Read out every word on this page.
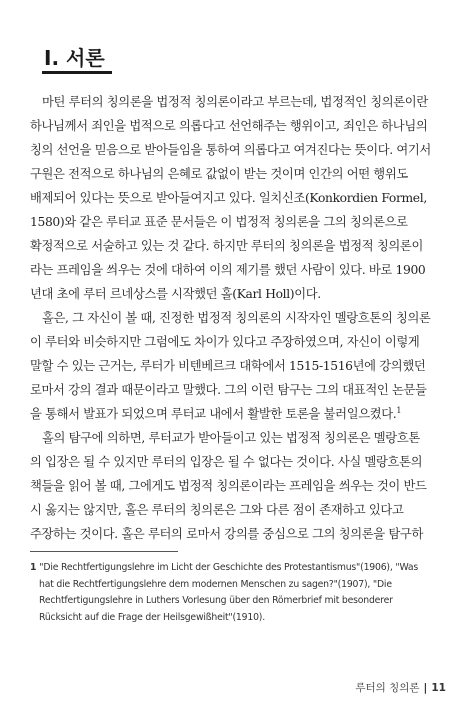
I. 서론
마틴 루터의 칭의론을 법정적 칭의론이라고 부르는데, 법정적인 칭의론이란
하나님께서 죄인을 법적으로 의롭다고 선언해주는 행위이고, 죄인은 하나님의
칭의 선언을 믿음으로 받아들임을 통하여 의롭다고 여겨진다는 뜻이다. 여기서
구원은 전적으로 하나님의 은혜로 값없이 받는 것이며 인간의 어떤 행위도
배제되어 있다는 뜻으로 받아들여지고 있다. 일치신조(Konkordien Formel,
1580)와 같은 루터교 표준 문서들은 이 법정적 칭의론을 그의 칭의론으로
확정적으로 서술하고 있는 것 같다. 하지만 루터의 칭의론을 법정적 칭의론이
라는 프레임을 씌우는 것에 대하여 이의 제기를 했던 사람이 있다. 바로 1900
년대 초에 루터 르네상스를 시작했던 홀(Karl Holl)이다.
홀은, 그 자신이 볼 때, 진정한 법정적 칭의론의 시작자인 멜랑흐톤의 칭의론
이 루터와 비슷하지만 그럼에도 차이가 있다고 주장하였으며, 자신이 이렇게
말할 수 있는 근거는, 루터가 비텐베르크 대학에서 1515-1516년에 강의했던
로마서 강의 결과 때문이라고 말했다. 그의 이런 탐구는 그의 대표적인 논문들
을 통해서 발표가 되었으며 루터교 내에서 활발한 토론을 불러일으켰다.$^1$
홀의 탐구에 의하면, 루터교가 받아들이고 있는 법정적 칭의론은 멜랑흐톤
의 입장은 될 수 있지만 루터의 입장은 될 수 없다는 것이다. 사실 멜랑흐톤의
책들을 읽어 볼 때, 그에게도 법정적 칭의론이라는 프레임을 씌우는 것이 반드
시 옳지는 않지만, 홀은 루터의 칭의론은 그와 다른 점이 존재하고 있다고
주장하는 것이다. 홀은 루터의 로마서 강의를 중심으로 그의 칭의론을 탐구하
1 "Die Rechtfertigungslehre im Licht der Geschichte des Protestantismus"(1906), "Was
hat die Rechtfertigungslehre dem modernen Menschen zu sagen?"(1907), "Die
Rechtfertigungslehre in Luthers Vorlesung über den Römerbrief mit besonderer
Rücksicht auf die Frage der Heilsgewißheit"(1910).
루터의 칭의론 | 11
